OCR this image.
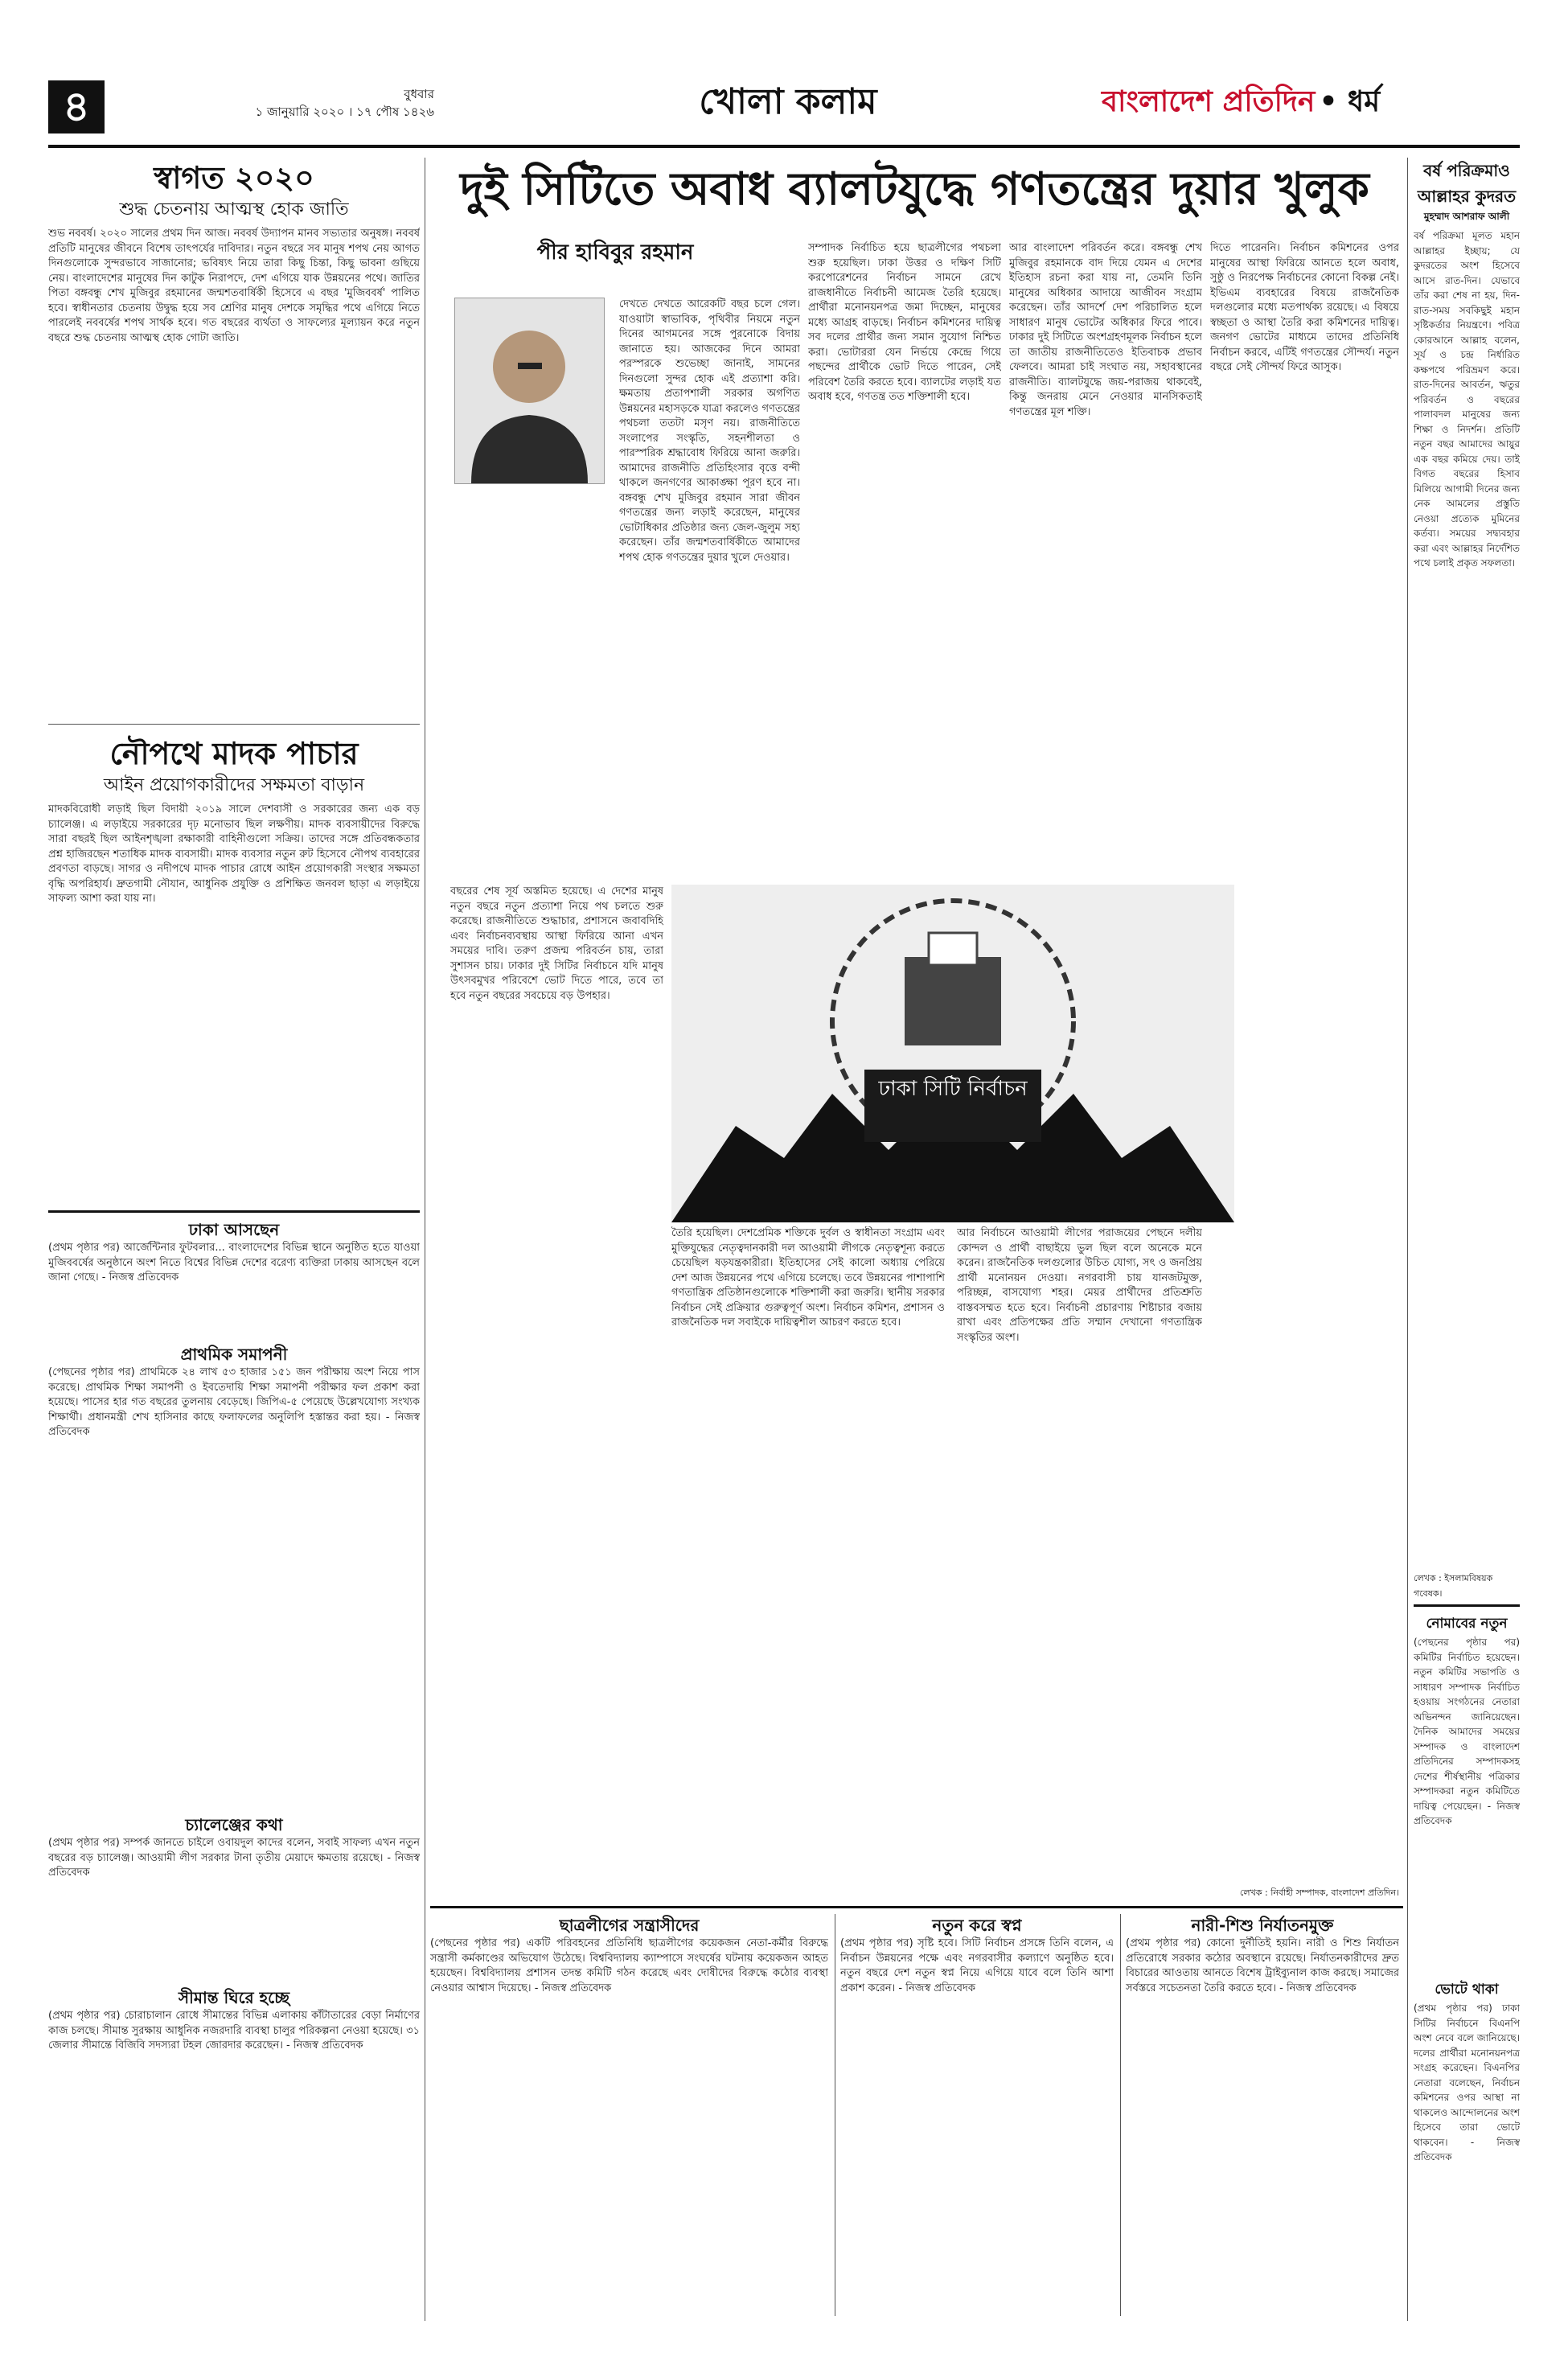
৪	বুধবার
১ জানুয়ারি ২০২০ । ১৭ পৌষ ১৪২৬	খোলা কলাম	বাংলাদেশ প্রতিদিন • ধর্ম
স্বাগত ২০২০
শুদ্ধ চেতনায় আত্মস্থ হোক জাতি
শুভ নববর্ষ। ২০২০ সালের প্রথম দিন আজ। নববর্ষ উদ্যাপন মানব সভ্যতার অনুষঙ্গ। নববর্ষ প্রতিটি মানুষের জীবনে বিশেষ তাৎপর্যের দাবিদার। নতুন বছরে সব মানুষ শপথ নেয় আগত দিনগুলোকে সুন্দরভাবে সাজানোর; ভবিষ্যৎ নিয়ে তারা কিছু চিন্তা, কিছু ভাবনা গুছিয়ে নেয়। বাংলাদেশের মানুষের দিন কাটুক নিরাপদে, দেশ এগিয়ে যাক উন্নয়নের পথে। জাতির পিতা বঙ্গবন্ধু শেখ মুজিবুর রহমানের জন্মশতবার্ষিকী হিসেবে এ বছর 'মুজিববর্ষ' পালিত হবে। স্বাধীনতার চেতনায় উদ্বুদ্ধ হয়ে সব শ্রেণির মানুষ দেশকে সমৃদ্ধির পথে এগিয়ে নিতে পারলেই নববর্ষের শপথ সার্থক হবে। গত বছরের ব্যর্থতা ও সাফল্যের মূল্যায়ন করে নতুন বছরে শুদ্ধ চেতনায় আত্মস্থ হোক গোটা জাতি।
নৌপথে মাদক পাচার
আইন প্রয়োগকারীদের সক্ষমতা বাড়ান
মাদকবিরোধী লড়াই ছিল বিদায়ী ২০১৯ সালে দেশবাসী ও সরকারের জন্য এক বড় চ্যালেঞ্জ। এ লড়াইয়ে সরকারের দৃঢ় মনোভাব ছিল লক্ষণীয়। মাদক ব্যবসায়ীদের বিরুদ্ধে সারা বছরই ছিল আইনশৃঙ্খলা রক্ষাকারী বাহিনীগুলো সক্রিয়। তাদের সঙ্গে প্রতিবন্ধকতার প্রশ্ন হাজিরছেন শতাধিক মাদক ব্যবসায়ী। মাদক ব্যবসার নতুন রুট হিসেবে নৌপথ ব্যবহারের প্রবণতা বাড়ছে। সাগর ও নদীপথে মাদক পাচার রোধে আইন প্রয়োগকারী সংস্থার সক্ষমতা বৃদ্ধি অপরিহার্য। দ্রুতগামী নৌযান, আধুনিক প্রযুক্তি ও প্রশিক্ষিত জনবল ছাড়া এ লড়াইয়ে সাফল্য আশা করা যায় না।
ঢাকা আসছেন
(প্রথম পৃষ্ঠার পর) আর্জেন্টিনার ফুটবলার... বাংলাদেশের বিভিন্ন স্থানে অনুষ্ঠিত হতে যাওয়া মুজিববর্ষের অনুষ্ঠানে অংশ নিতে বিশ্বের বিভিন্ন দেশের বরেণ্য ব্যক্তিরা ঢাকায় আসছেন বলে জানা গেছে। - নিজস্ব প্রতিবেদক
প্রাথমিক সমাপনী
(পেছনের পৃষ্ঠার পর) প্রাথমিকে ২৪ লাখ ৫৩ হাজার ১৫১ জন পরীক্ষায় অংশ নিয়ে পাস করেছে। প্রাথমিক শিক্ষা সমাপনী ও ইবতেদায়ি শিক্ষা সমাপনী পরীক্ষার ফল প্রকাশ করা হয়েছে। পাসের হার গত বছরের তুলনায় বেড়েছে। জিপিএ-৫ পেয়েছে উল্লেখযোগ্য সংখ্যক শিক্ষার্থী। প্রধানমন্ত্রী শেখ হাসিনার কাছে ফলাফলের অনুলিপি হস্তান্তর করা হয়। - নিজস্ব প্রতিবেদক
চ্যালেঞ্জের কথা
(প্রথম পৃষ্ঠার পর) সম্পর্ক জানতে চাইলে ওবায়দুল কাদের বলেন, সবাই সাফল্য এখন নতুন বছরের বড় চ্যালেঞ্জ। আওয়ামী লীগ সরকার টানা তৃতীয় মেয়াদে ক্ষমতায় রয়েছে। - নিজস্ব প্রতিবেদক
সীমান্ত ঘিরে হচ্ছে
(প্রথম পৃষ্ঠার পর) চোরাচালান রোধে সীমান্তের বিভিন্ন এলাকায় কাঁটাতারের বেড়া নির্মাণের কাজ চলছে। সীমান্ত সুরক্ষায় আধুনিক নজরদারি ব্যবস্থা চালুর পরিকল্পনা নেওয়া হয়েছে। ৩১ জেলার সীমান্তে বিজিবি সদস্যরা টহল জোরদার করেছেন। - নিজস্ব প্রতিবেদক
দুই সিটিতে অবাধ ব্যালটযুদ্ধে গণতন্ত্রের দুয়ার খুলুক
পীর হাবিবুর রহমান
দেখতে দেখতে আরেকটি বছর চলে গেল। যাওয়াটা স্বাভাবিক, পৃথিবীর নিয়মে নতুন দিনের আগমনের সঙ্গে পুরনোকে বিদায় জানাতে হয়। আজকের দিনে আমরা পরস্পরকে শুভেচ্ছা জানাই, সামনের দিনগুলো সুন্দর হোক এই প্রত্যাশা করি। ক্ষমতায় প্রতাপশালী সরকার অগণিত উন্নয়নের মহাসড়কে যাত্রা করলেও গণতন্ত্রের পথচলা ততটা মসৃণ নয়। রাজনীতিতে সংলাপের সংস্কৃতি, সহনশীলতা ও পারস্পরিক শ্রদ্ধাবোধ ফিরিয়ে আনা জরুরি। আমাদের রাজনীতি প্রতিহিংসার বৃত্তে বন্দী থাকলে জনগণের আকাঙ্ক্ষা পূরণ হবে না। বঙ্গবন্ধু শেখ মুজিবুর রহমান সারা জীবন গণতন্ত্রের জন্য লড়াই করেছেন, মানুষের ভোটাধিকার প্রতিষ্ঠার জন্য জেল-জুলুম সহ্য করেছেন। তাঁর জন্মশতবার্ষিকীতে আমাদের শপথ হোক গণতন্ত্রের দুয়ার খুলে দেওয়ার।
সম্পাদক নির্বাচিত হয়ে ছাত্রলীগের পথচলা শুরু হয়েছিল। ঢাকা উত্তর ও দক্ষিণ সিটি করপোরেশনের নির্বাচন সামনে রেখে রাজধানীতে নির্বাচনী আমেজ তৈরি হয়েছে। প্রার্থীরা মনোনয়নপত্র জমা দিচ্ছেন, মানুষের মধ্যে আগ্রহ বাড়ছে। নির্বাচন কমিশনের দায়িত্ব সব দলের প্রার্থীর জন্য সমান সুযোগ নিশ্চিত করা। ভোটাররা যেন নির্ভয়ে কেন্দ্রে গিয়ে পছন্দের প্রার্থীকে ভোট দিতে পারেন, সেই পরিবেশ তৈরি করতে হবে। ব্যালটের লড়াই যত অবাধ হবে, গণতন্ত্র তত শক্তিশালী হবে।
আর বাংলাদেশ পরিবর্তন করে। বঙ্গবন্ধু শেখ মুজিবুর রহমানকে বাদ দিয়ে যেমন এ দেশের ইতিহাস রচনা করা যায় না, তেমনি তিনি মানুষের অধিকার আদায়ে আজীবন সংগ্রাম করেছেন। তাঁর আদর্শে দেশ পরিচালিত হলে সাধারণ মানুষ ভোটের অধিকার ফিরে পাবে। ঢাকার দুই সিটিতে অংশগ্রহণমূলক নির্বাচন হলে তা জাতীয় রাজনীতিতেও ইতিবাচক প্রভাব ফেলবে। আমরা চাই সংঘাত নয়, সহাবস্থানের রাজনীতি। ব্যালটযুদ্ধে জয়-পরাজয় থাকবেই, কিন্তু জনরায় মেনে নেওয়ার মানসিকতাই গণতন্ত্রের মূল শক্তি।
বছরের শেষ সূর্য অস্তমিত হয়েছে। এ দেশের মানুষ নতুন বছরে নতুন প্রত্যাশা নিয়ে পথ চলতে শুরু করেছে। রাজনীতিতে শুদ্ধাচার, প্রশাসনে জবাবদিহি এবং নির্বাচনব্যবস্থায় আস্থা ফিরিয়ে আনা এখন সময়ের দাবি। তরুণ প্রজন্ম পরিবর্তন চায়, তারা সুশাসন চায়। ঢাকার দুই সিটির নির্বাচনে যদি মানুষ উৎসবমুখর পরিবেশে ভোট দিতে পারে, তবে তা হবে নতুন বছরের সবচেয়ে বড় উপহার।
ঢাকা সিটি নির্বাচন
তৈরি হয়েছিল। দেশপ্রেমিক শক্তিকে দুর্বল ও স্বাধীনতা সংগ্রাম এবং মুক্তিযুদ্ধের নেতৃত্বদানকারী দল আওয়ামী লীগকে নেতৃত্বশূন্য করতে চেয়েছিল ষড়যন্ত্রকারীরা। ইতিহাসের সেই কালো অধ্যায় পেরিয়ে দেশ আজ উন্নয়নের পথে এগিয়ে চলেছে। তবে উন্নয়নের পাশাপাশি গণতান্ত্রিক প্রতিষ্ঠানগুলোকে শক্তিশালী করা জরুরি। স্থানীয় সরকার নির্বাচন সেই প্রক্রিয়ার গুরুত্বপূর্ণ অংশ। নির্বাচন কমিশন, প্রশাসন ও রাজনৈতিক দল সবাইকে দায়িত্বশীল আচরণ করতে হবে।
আর নির্বাচনে আওয়ামী লীগের পরাজয়ের পেছনে দলীয় কোন্দল ও প্রার্থী বাছাইয়ে ভুল ছিল বলে অনেকে মনে করেন। রাজনৈতিক দলগুলোর উচিত যোগ্য, সৎ ও জনপ্রিয় প্রার্থী মনোনয়ন দেওয়া। নগরবাসী চায় যানজটমুক্ত, পরিচ্ছন্ন, বাসযোগ্য শহর। মেয়র প্রার্থীদের প্রতিশ্রুতি বাস্তবসম্মত হতে হবে। নির্বাচনী প্রচারণায় শিষ্টাচার বজায় রাখা এবং প্রতিপক্ষের প্রতি সম্মান দেখানো গণতান্ত্রিক সংস্কৃতির অংশ।
দিতে পারেননি। নির্বাচন কমিশনের ওপর মানুষের আস্থা ফিরিয়ে আনতে হলে অবাধ, সুষ্ঠু ও নিরপেক্ষ নির্বাচনের কোনো বিকল্প নেই। ইভিএম ব্যবহারের বিষয়ে রাজনৈতিক দলগুলোর মধ্যে মতপার্থক্য রয়েছে। এ বিষয়ে স্বচ্ছতা ও আস্থা তৈরি করা কমিশনের দায়িত্ব। জনগণ ভোটের মাধ্যমে তাদের প্রতিনিধি নির্বাচন করবে, এটিই গণতন্ত্রের সৌন্দর্য। নতুন বছরে সেই সৌন্দর্য ফিরে আসুক।
লেখক : নির্বাহী সম্পাদক, বাংলাদেশ প্রতিদিন।
ছাত্রলীগের সন্ত্রাসীদের
(পেছনের পৃষ্ঠার পর) একটি পরিবহনের প্রতিনিধি ছাত্রলীগের কয়েকজন নেতা-কর্মীর বিরুদ্ধে সন্ত্রাসী কর্মকাণ্ডের অভিযোগ উঠেছে। বিশ্ববিদ্যালয় ক্যাম্পাসে সংঘর্ষের ঘটনায় কয়েকজন আহত হয়েছেন। বিশ্ববিদ্যালয় প্রশাসন তদন্ত কমিটি গঠন করেছে এবং দোষীদের বিরুদ্ধে কঠোর ব্যবস্থা নেওয়ার আশ্বাস দিয়েছে। - নিজস্ব প্রতিবেদক
নতুন করে স্বপ্ন
(প্রথম পৃষ্ঠার পর) সৃষ্টি হবে। সিটি নির্বাচন প্রসঙ্গে তিনি বলেন, এ নির্বাচন উন্নয়নের পক্ষে এবং নগরবাসীর কল্যাণে অনুষ্ঠিত হবে। নতুন বছরে দেশ নতুন স্বপ্ন নিয়ে এগিয়ে যাবে বলে তিনি আশা প্রকাশ করেন। - নিজস্ব প্রতিবেদক
নারী-শিশু নির্যাতনমুক্ত
(প্রথম পৃষ্ঠার পর) কোনো দুর্নীতিই হয়নি। নারী ও শিশু নির্যাতন প্রতিরোধে সরকার কঠোর অবস্থানে রয়েছে। নির্যাতনকারীদের দ্রুত বিচারের আওতায় আনতে বিশেষ ট্রাইব্যুনাল কাজ করছে। সমাজের সর্বস্তরে সচেতনতা তৈরি করতে হবে। - নিজস্ব প্রতিবেদক
বর্ষ পরিক্রমাও
আল্লাহর কুদরত
মুহম্মাদ আশরাফ আলী
বর্ষ পরিক্রমা মূলত মহান আল্লাহর ইচ্ছায়; যে কুদরতের অংশ হিসেবে আসে রাত-দিন। যেভাবে তাঁর করা শেষ না হয়, দিন-রাত-সময় সবকিছুই মহান সৃষ্টিকর্তার নিয়ন্ত্রণে। পবিত্র কোরআনে আল্লাহ বলেন, সূর্য ও চন্দ্র নির্ধারিত কক্ষপথে পরিভ্রমণ করে। রাত-দিনের আবর্তন, ঋতুর পরিবর্তন ও বছরের পালাবদল মানুষের জন্য শিক্ষা ও নিদর্শন। প্রতিটি নতুন বছর আমাদের আয়ুর এক বছর কমিয়ে দেয়। তাই বিগত বছরের হিসাব মিলিয়ে আগামী দিনের জন্য নেক আমলের প্রস্তুতি নেওয়া প্রত্যেক মুমিনের কর্তব্য। সময়ের সদ্ব্যবহার করা এবং আল্লাহর নির্দেশিত পথে চলাই প্রকৃত সফলতা।
লেখক : ইসলামবিষয়ক গবেষক।
নোমাবের নতুন
(পেছনের পৃষ্ঠার পর) কমিটির নির্বাচিত হয়েছেন। নতুন কমিটির সভাপতি ও সাধারণ সম্পাদক নির্বাচিত হওয়ায় সংগঠনের নেতারা অভিনন্দন জানিয়েছেন। দৈনিক আমাদের সময়ের সম্পাদক ও বাংলাদেশ প্রতিদিনের সম্পাদকসহ দেশের শীর্ষস্থানীয় পত্রিকার সম্পাদকরা নতুন কমিটিতে দায়িত্ব পেয়েছেন। - নিজস্ব প্রতিবেদক
ভোটে থাকা
(প্রথম পৃষ্ঠার পর) ঢাকা সিটির নির্বাচনে বিএনপি অংশ নেবে বলে জানিয়েছে। দলের প্রার্থীরা মনোনয়নপত্র সংগ্রহ করেছেন। বিএনপির নেতারা বলেছেন, নির্বাচন কমিশনের ওপর আস্থা না থাকলেও আন্দোলনের অংশ হিসেবে তারা ভোটে থাকবেন। - নিজস্ব প্রতিবেদক
